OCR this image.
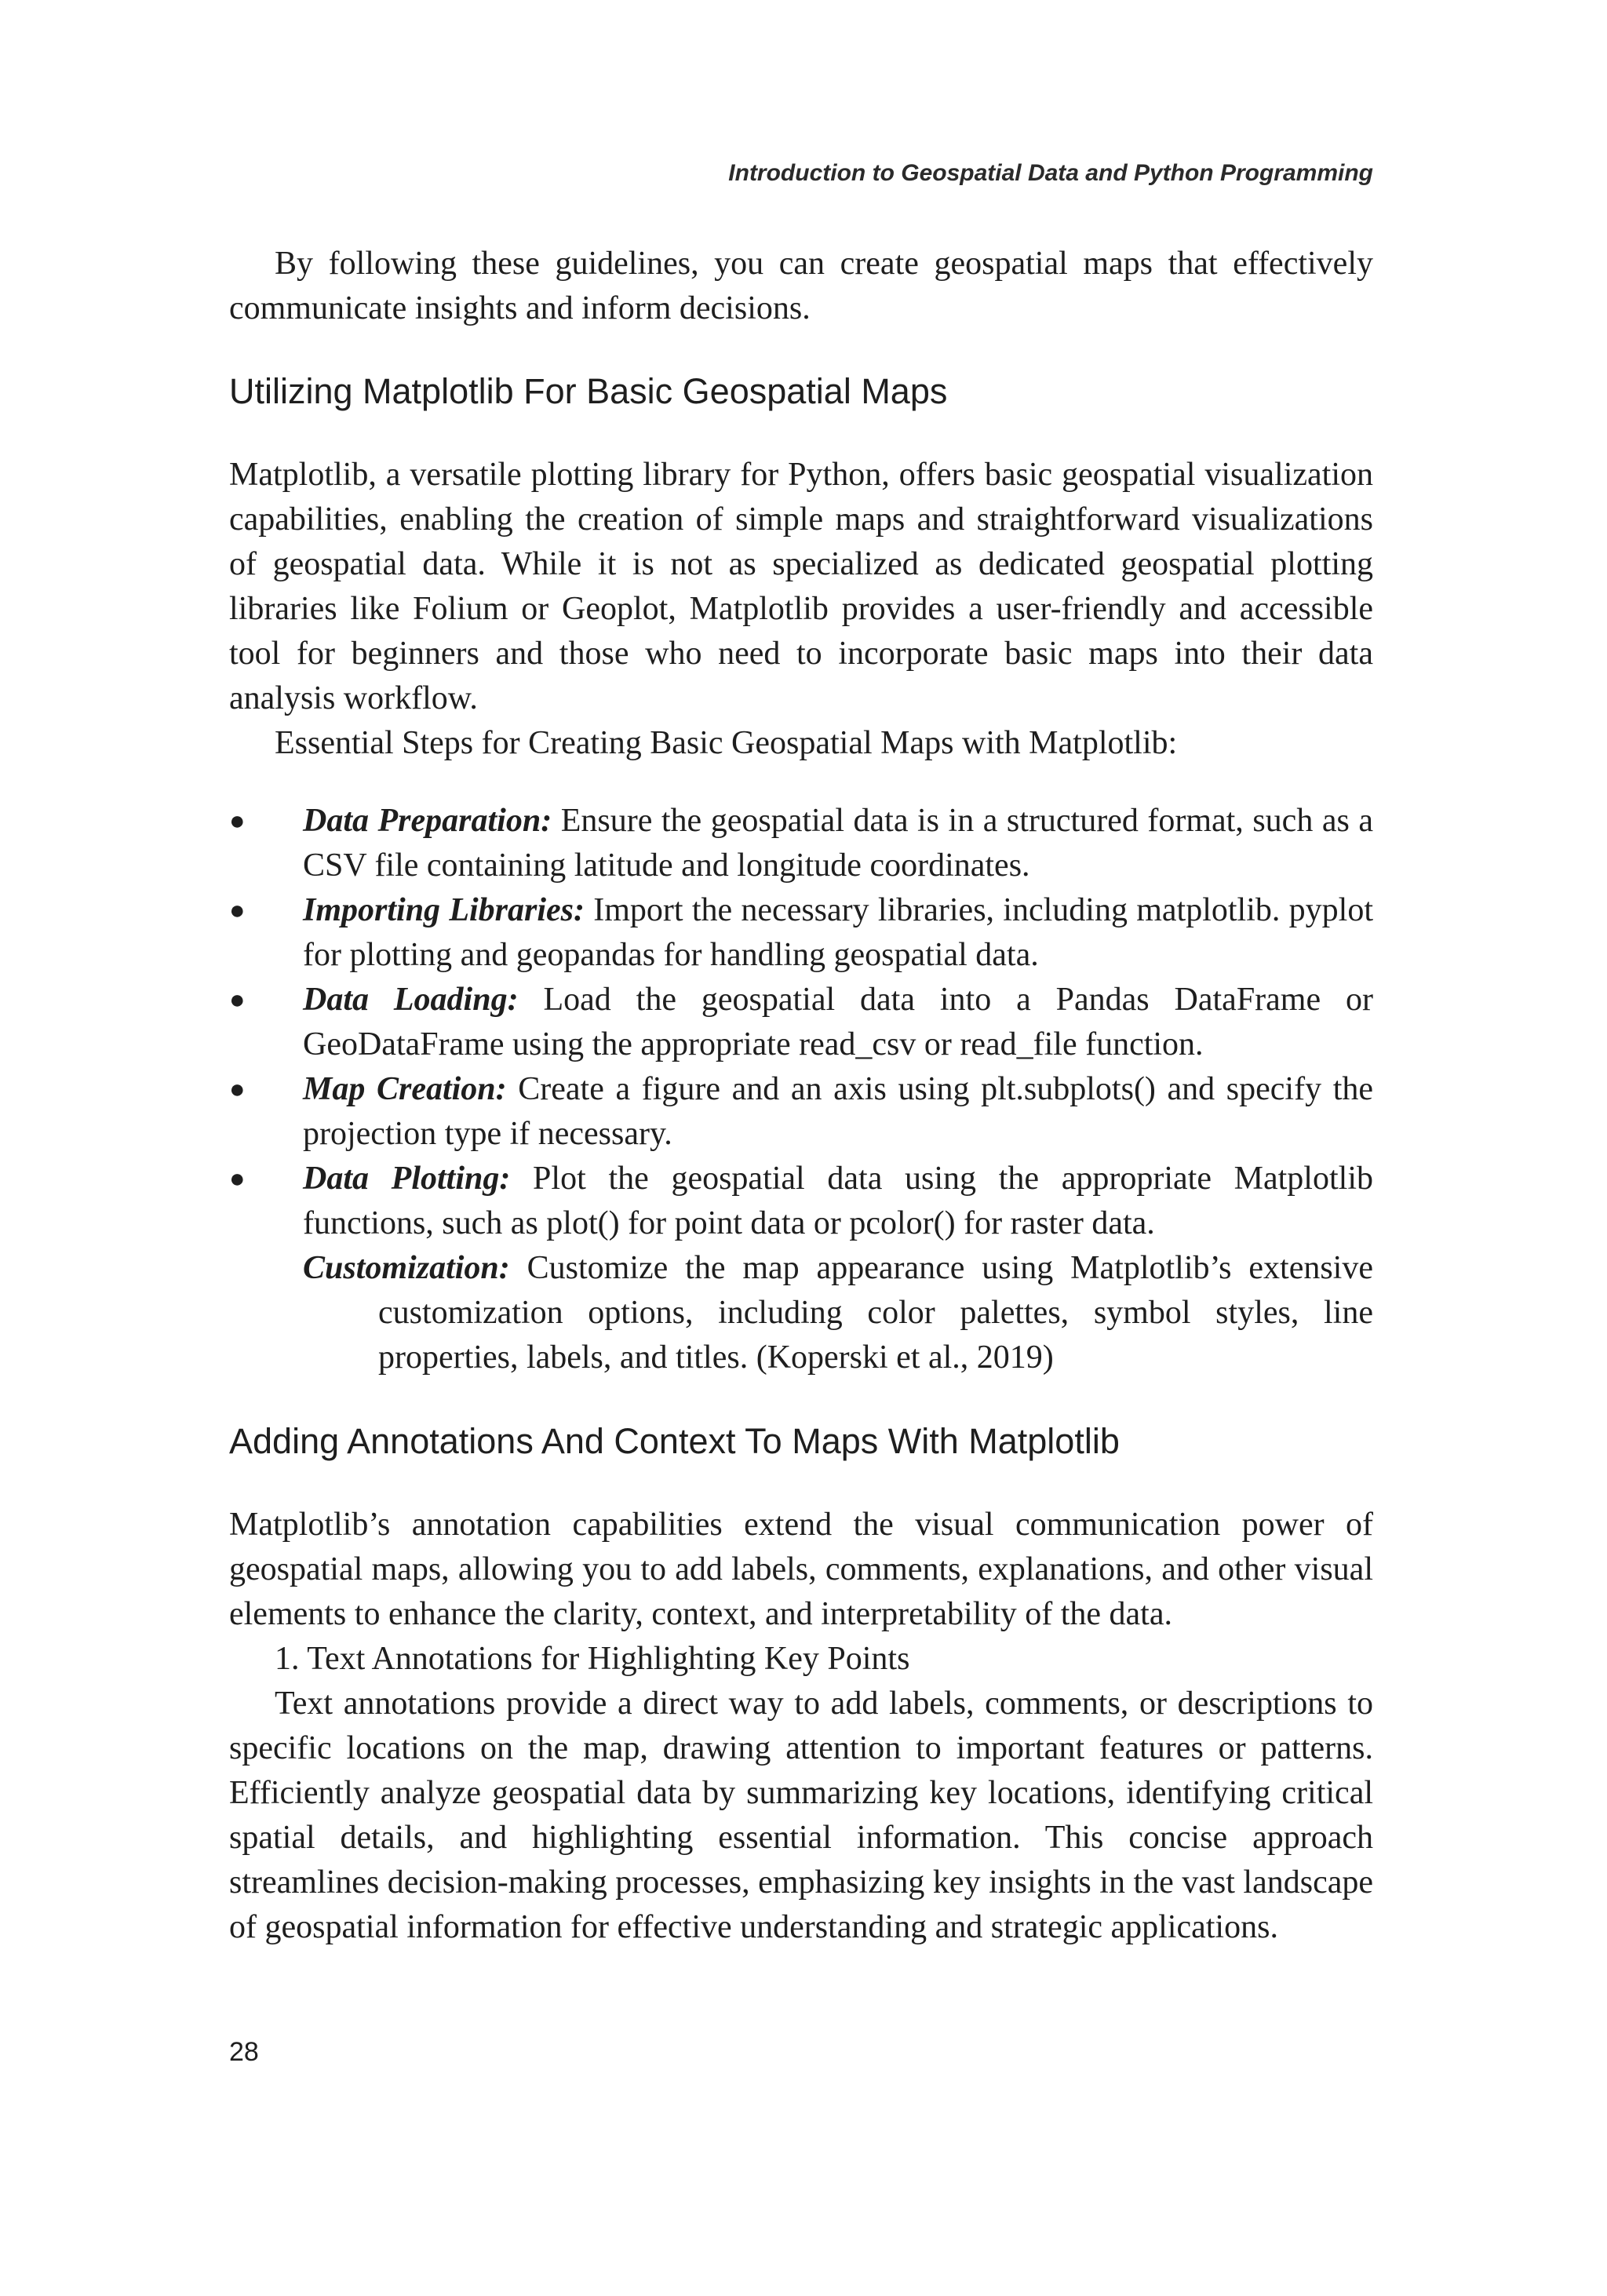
Introduction to Geospatial Data and Python Programming

By following these guidelines, you can create geospatial maps that effectively communicate insights and inform decisions.

Utilizing Matplotlib For Basic Geospatial Maps

Matplotlib, a versatile plotting library for Python, offers basic geospatial visualization capabilities, enabling the creation of simple maps and straightforward visualizations of geospatial data. While it is not as specialized as dedicated geospatial plotting libraries like Folium or Geoplot, Matplotlib provides a user-friendly and accessible tool for beginners and those who need to incorporate basic maps into their data analysis workflow.

Essential Steps for Creating Basic Geospatial Maps with Matplotlib:

●	Data Preparation: Ensure the geospatial data is in a structured format, such as a CSV file containing latitude and longitude coordinates.
●	Importing Libraries: Import the necessary libraries, including matplotlib. pyplot for plotting and geopandas for handling geospatial data.
●	Data Loading: Load the geospatial data into a Pandas DataFrame or GeoDataFrame using the appropriate read_csv or read_file function.
●	Map Creation: Create a figure and an axis using plt.subplots() and specify the projection type if necessary.
●	Data Plotting: Plot the geospatial data using the appropriate Matplotlib functions, such as plot() for point data or pcolor() for raster data.
Customization: Customize the map appearance using Matplotlib’s extensive customization options, including color palettes, symbol styles, line properties, labels, and titles. (Koperski et al., 2019)
Adding Annotations And Context To Maps With Matplotlib

Matplotlib’s annotation capabilities extend the visual communication power of geospatial maps, allowing you to add labels, comments, explanations, and other visual elements to enhance the clarity, context, and interpretability of the data.

1. Text Annotations for Highlighting Key Points

Text annotations provide a direct way to add labels, comments, or descriptions to specific locations on the map, drawing attention to important features or patterns. Efficiently analyze geospatial data by summarizing key locations, identifying critical spatial details, and highlighting essential information. This concise approach streamlines decision-making processes, emphasizing key insights in the vast landscape of geospatial information for effective understanding and strategic applications.

28
